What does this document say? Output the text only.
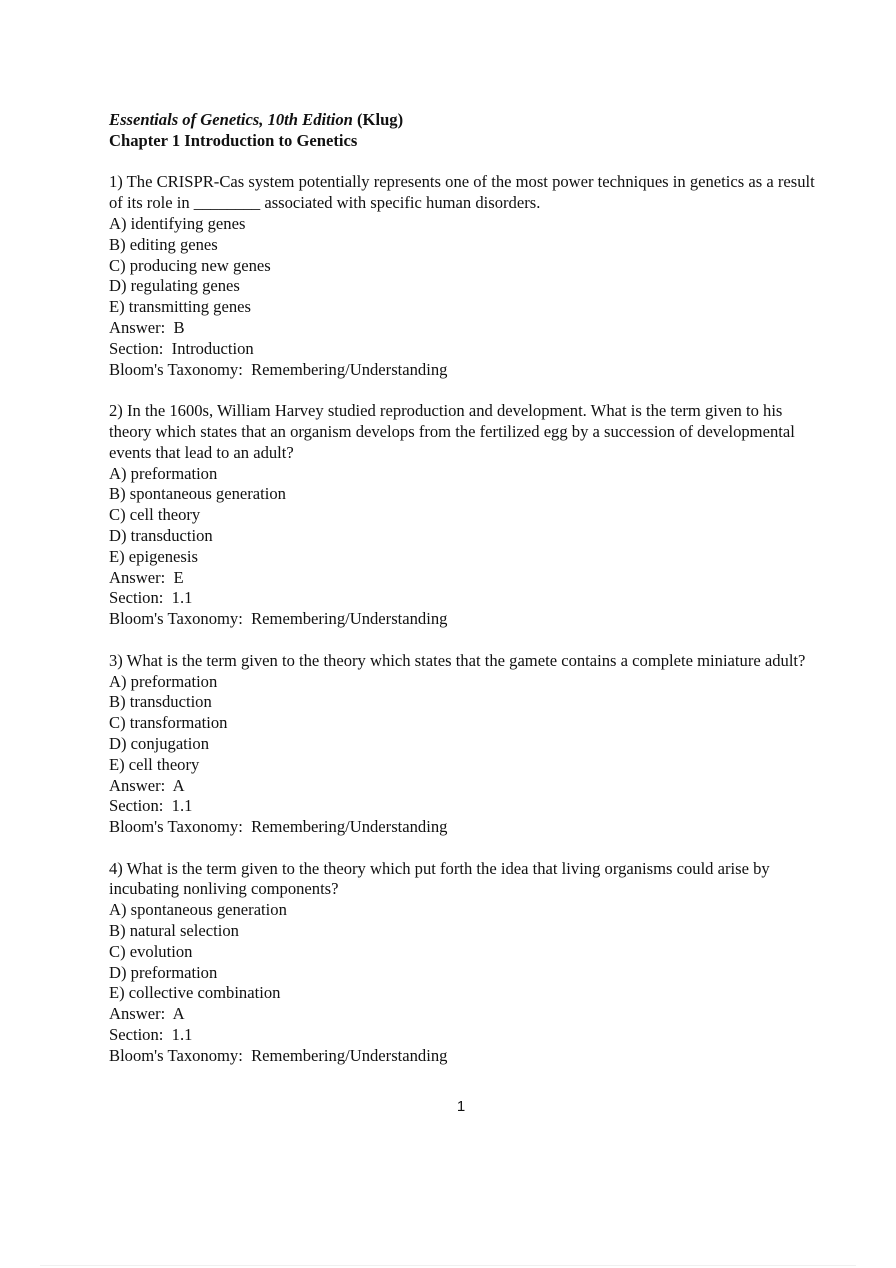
Essentials of Genetics, 10th Edition (Klug)

Chapter 1 Introduction to Genetics

1) The CRISPR-Cas system potentially represents one of the most power techniques in genetics as a result of its role in ________ associated with specific human disorders.

A) identifying genes

B) editing genes

C) producing new genes

D) regulating genes

E) transmitting genes

Answer:  B

Section:  Introduction

Bloom's Taxonomy:  Remembering/Understanding

2) In the 1600s, William Harvey studied reproduction and development. What is the term given to his theory which states that an organism develops from the fertilized egg by a succession of developmental events that lead to an adult?

A) preformation

B) spontaneous generation

C) cell theory

D) transduction

E) epigenesis

Answer:  E

Section:  1.1

Bloom's Taxonomy:  Remembering/Understanding

3) What is the term given to the theory which states that the gamete contains a complete miniature adult?

A) preformation

B) transduction

C) transformation

D) conjugation

E) cell theory

Answer:  A

Section:  1.1

Bloom's Taxonomy:  Remembering/Understanding

4) What is the term given to the theory which put forth the idea that living organisms could arise by incubating nonliving components?

A) spontaneous generation

B) natural selection

C) evolution

D) preformation

E) collective combination

Answer:  A

Section:  1.1

Bloom's Taxonomy:  Remembering/Understanding

1
